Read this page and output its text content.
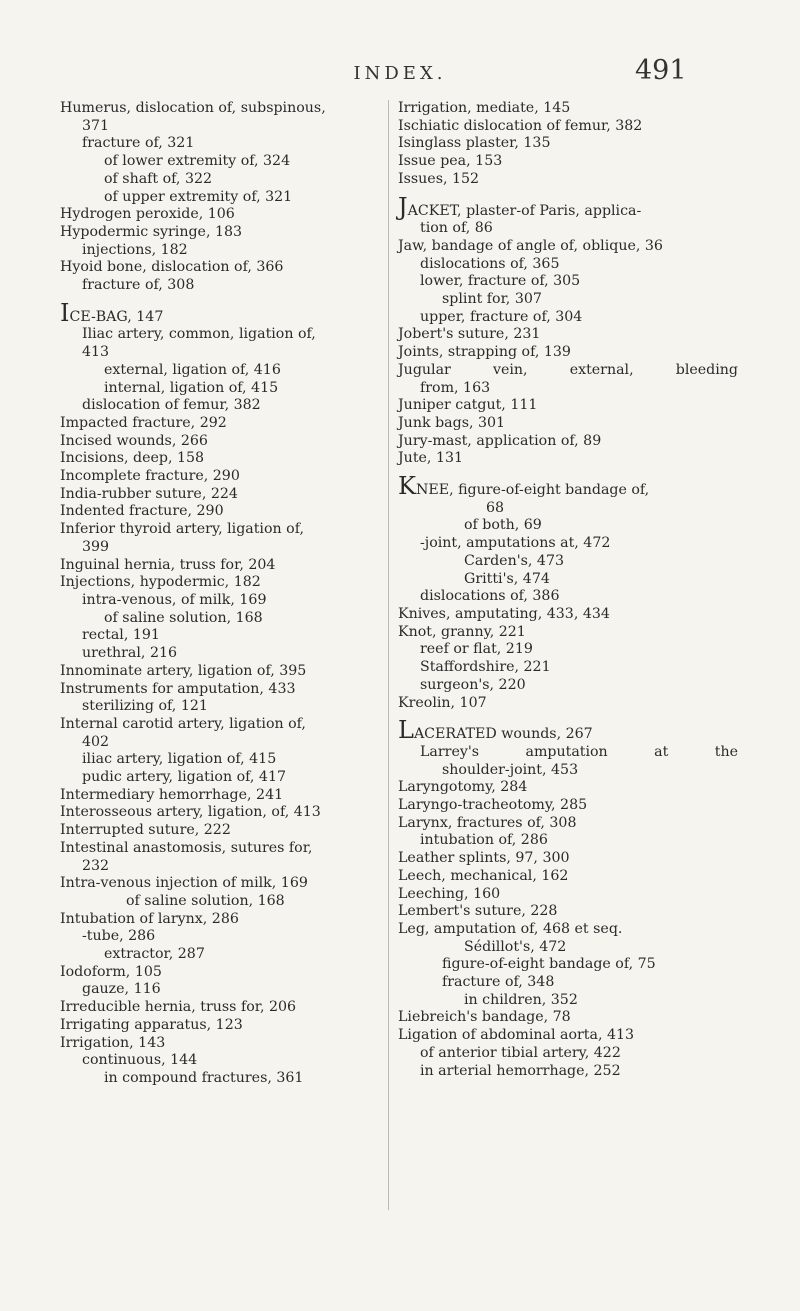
INDEX.	491
Humerus, dislocation of, subspinous,
371
fracture of, 321
of lower extremity of, 324
of shaft of, 322
of upper extremity of, 321
Hydrogen peroxide, 106
Hypodermic syringe, 183
injections, 182
Hyoid bone, dislocation of, 366
fracture of, 308
ICE-BAG, 147
Iliac artery, common, ligation of,
413
external, ligation of, 416
internal, ligation of, 415
dislocation of femur, 382
Impacted fracture, 292
Incised wounds, 266
Incisions, deep, 158
Incomplete fracture, 290
India-rubber suture, 224
Indented fracture, 290
Inferior thyroid artery, ligation of,
399
Inguinal hernia, truss for, 204
Injections, hypodermic, 182
intra-venous, of milk, 169
of saline solution, 168
rectal, 191
urethral, 216
Innominate artery, ligation of, 395
Instruments for amputation, 433
sterilizing of, 121
Internal carotid artery, ligation of,
402
iliac artery, ligation of, 415
pudic artery, ligation of, 417
Intermediary hemorrhage, 241
Interosseous artery, ligation, of, 413
Interrupted suture, 222
Intestinal anastomosis, sutures for,
232
Intra-venous injection of milk, 169
of saline solution, 168
Intubation of larynx, 286
-tube, 286
extractor, 287
Iodoform, 105
gauze, 116
Irreducible hernia, truss for, 206
Irrigating apparatus, 123
Irrigation, 143
continuous, 144
in compound fractures, 361
Irrigation, mediate, 145
Ischiatic dislocation of femur, 382
Isinglass plaster, 135
Issue pea, 153
Issues, 152
JACKET, plaster-of Paris, applica-
tion of, 86
Jaw, bandage of angle of, oblique, 36
dislocations of, 365
lower, fracture of, 305
splint for, 307
upper, fracture of, 304
Jobert's suture, 231
Joints, strapping of, 139
Jugular	vein,	external,	bleeding
from, 163
Juniper catgut, 111
Junk bags, 301
Jury-mast, application of, 89
Jute, 131
KNEE, figure-of-eight bandage of,
68
of both, 69
-joint, amputations at, 472
Carden's, 473
Gritti's, 474
dislocations of, 386
Knives, amputating, 433, 434
Knot, granny, 221
reef or flat, 219
Staffordshire, 221
surgeon's, 220
Kreolin, 107
LACERATED wounds, 267
Larrey's	amputation	at	the
shoulder-joint, 453
Laryngotomy, 284
Laryngo-tracheotomy, 285
Larynx, fractures of, 308
intubation of, 286
Leather splints, 97, 300
Leech, mechanical, 162
Leeching, 160
Lembert's suture, 228
Leg, amputation of, 468 et seq.
Sédillot's, 472
figure-of-eight bandage of, 75
fracture of, 348
in children, 352
Liebreich's bandage, 78
Ligation of abdominal aorta, 413
of anterior tibial artery, 422
in arterial hemorrhage, 252
